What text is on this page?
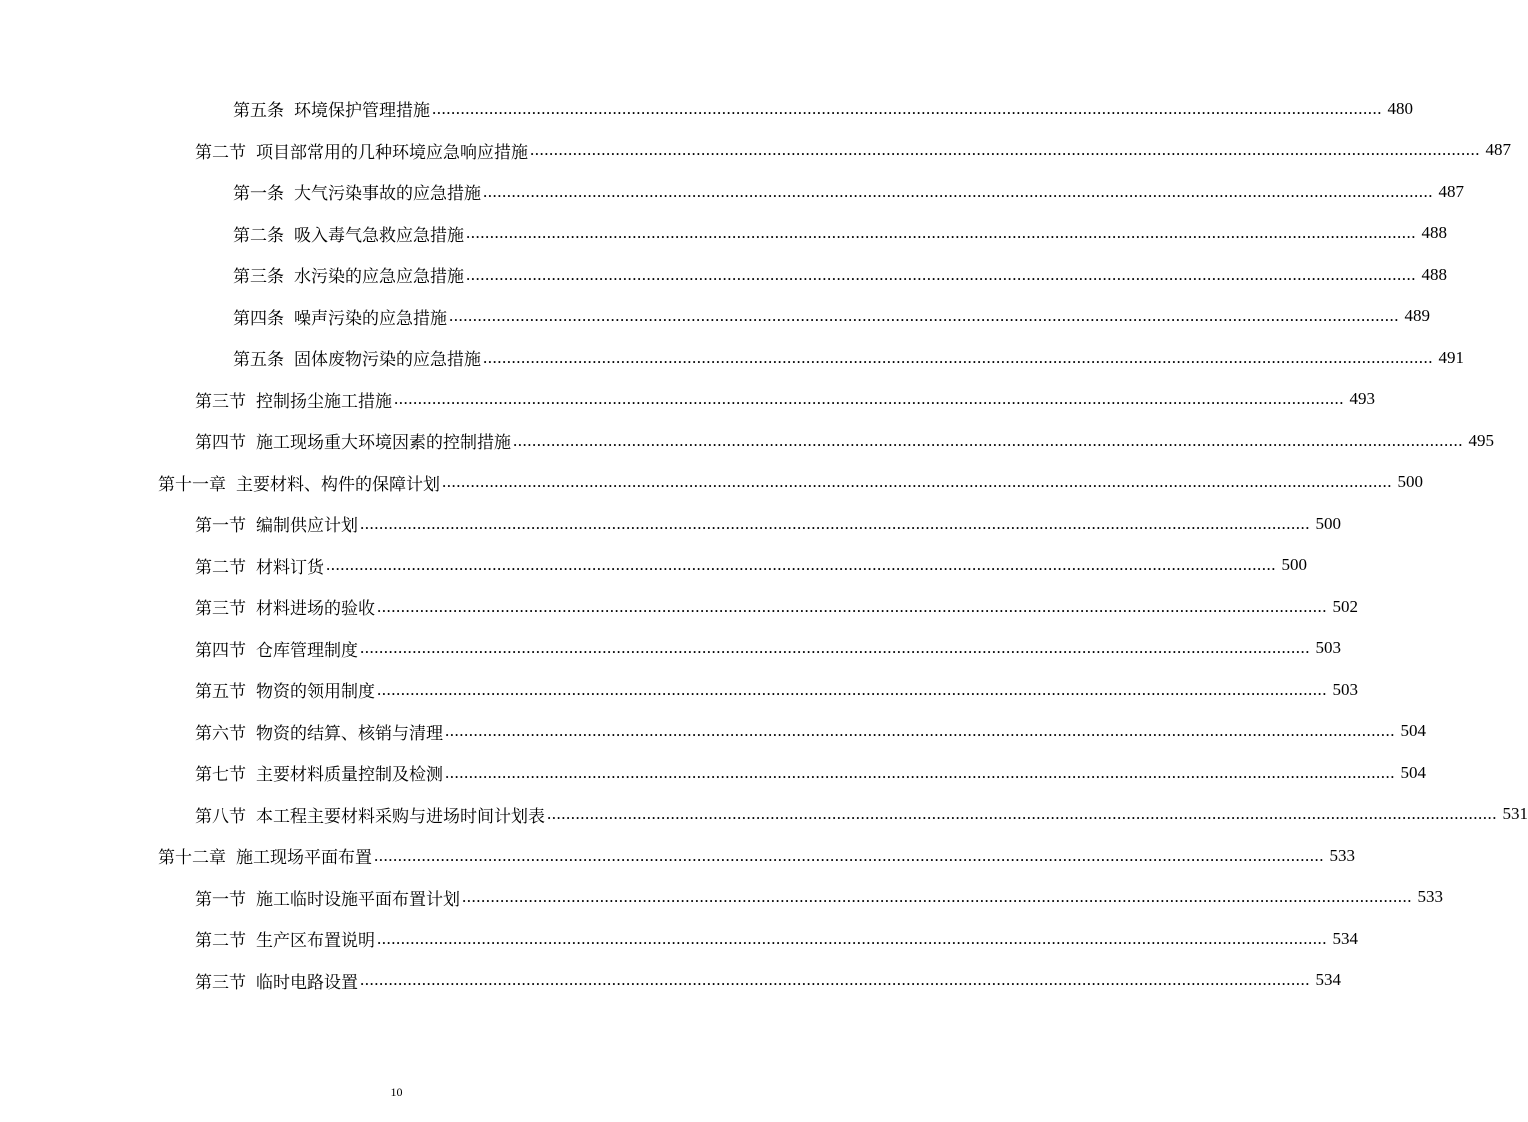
第五条 环境保护管理措施 ........................................................................................................................................................................................................ 480
第二节 项目部常用的几种环境应急响应措施 ........................................................................................................................................................................................................ 487
第一条 大气污染事故的应急措施 ........................................................................................................................................................................................................ 487
第二条 吸入毒气急救应急措施 ........................................................................................................................................................................................................ 488
第三条 水污染的应急应急措施 ........................................................................................................................................................................................................ 488
第四条 噪声污染的应急措施 ........................................................................................................................................................................................................ 489
第五条 固体废物污染的应急措施 ........................................................................................................................................................................................................ 491
第三节 控制扬尘施工措施 ........................................................................................................................................................................................................ 493
第四节 施工现场重大环境因素的控制措施 ........................................................................................................................................................................................................ 495
第十一章 主要材料、构件的保障计划 ........................................................................................................................................................................................................ 500
第一节 编制供应计划 ........................................................................................................................................................................................................ 500
第二节 材料订货 ........................................................................................................................................................................................................ 500
第三节 材料进场的验收 ........................................................................................................................................................................................................ 502
第四节 仓库管理制度 ........................................................................................................................................................................................................ 503
第五节 物资的领用制度 ........................................................................................................................................................................................................ 503
第六节 物资的结算、核销与清理 ........................................................................................................................................................................................................ 504
第七节 主要材料质量控制及检测 ........................................................................................................................................................................................................ 504
第八节 本工程主要材料采购与进场时间计划表 ........................................................................................................................................................................................................ 531
第十二章 施工现场平面布置 ........................................................................................................................................................................................................ 533
第一节 施工临时设施平面布置计划 ........................................................................................................................................................................................................ 533
第二节 生产区布置说明 ........................................................................................................................................................................................................ 534
第三节 临时电路设置 ........................................................................................................................................................................................................ 534
10
